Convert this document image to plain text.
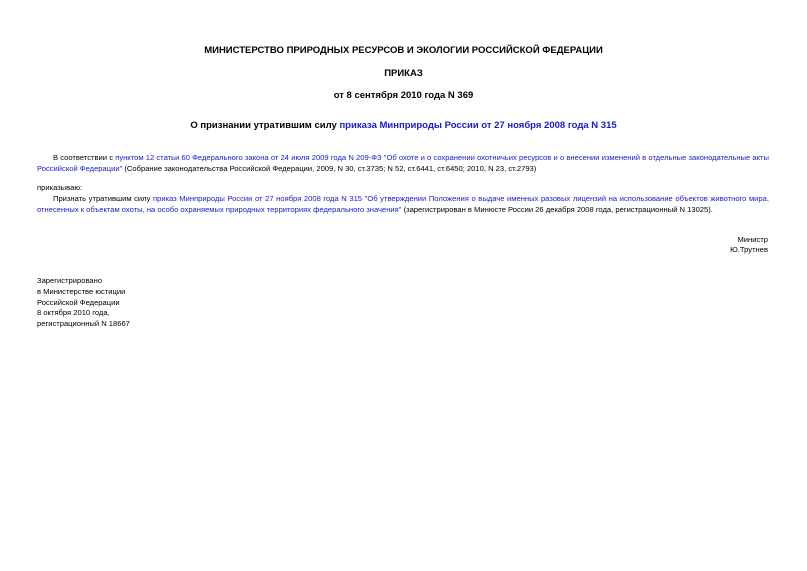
МИНИСТЕРСТВО ПРИРОДНЫХ РЕСУРСОВ И ЭКОЛОГИИ РОССИЙСКОЙ ФЕДЕРАЦИИ
ПРИКАЗ
от 8 сентября 2010 года N 369
О признании утратившим силу приказа Минприроды России от 27 ноября 2008 года N 315
В соответствии с пунктом 12 статьи 60 Федерального закона от 24 июля 2009 года N 209-ФЗ "Об охоте и о сохранении охотничьих ресурсов и о внесении изменений в отдельные законодательные акты Российской Федерации" (Собрание законодательства Российской Федерации, 2009, N 30, ст.3735; N 52, ст.6441, ст.6450; 2010, N 23, ст.2793)
приказываю:
Признать утратившим силу приказ Минприроды России от 27 ноября 2008 года N 315 "Об утверждении Положения о выдаче именных разовых лицензий на использование объектов животного мира, отнесенных к объектам охоты, на особо охраняемых природных территориях федерального значения" (зарегистрирован в Минюсте России 26 декабря 2008 года, регистрационный N 13025).
Министр
Ю.Трутнев
Зарегистрировано
в Министерстве юстиции
Российской Федерации
8 октября 2010 года,
регистрационный N 18667
